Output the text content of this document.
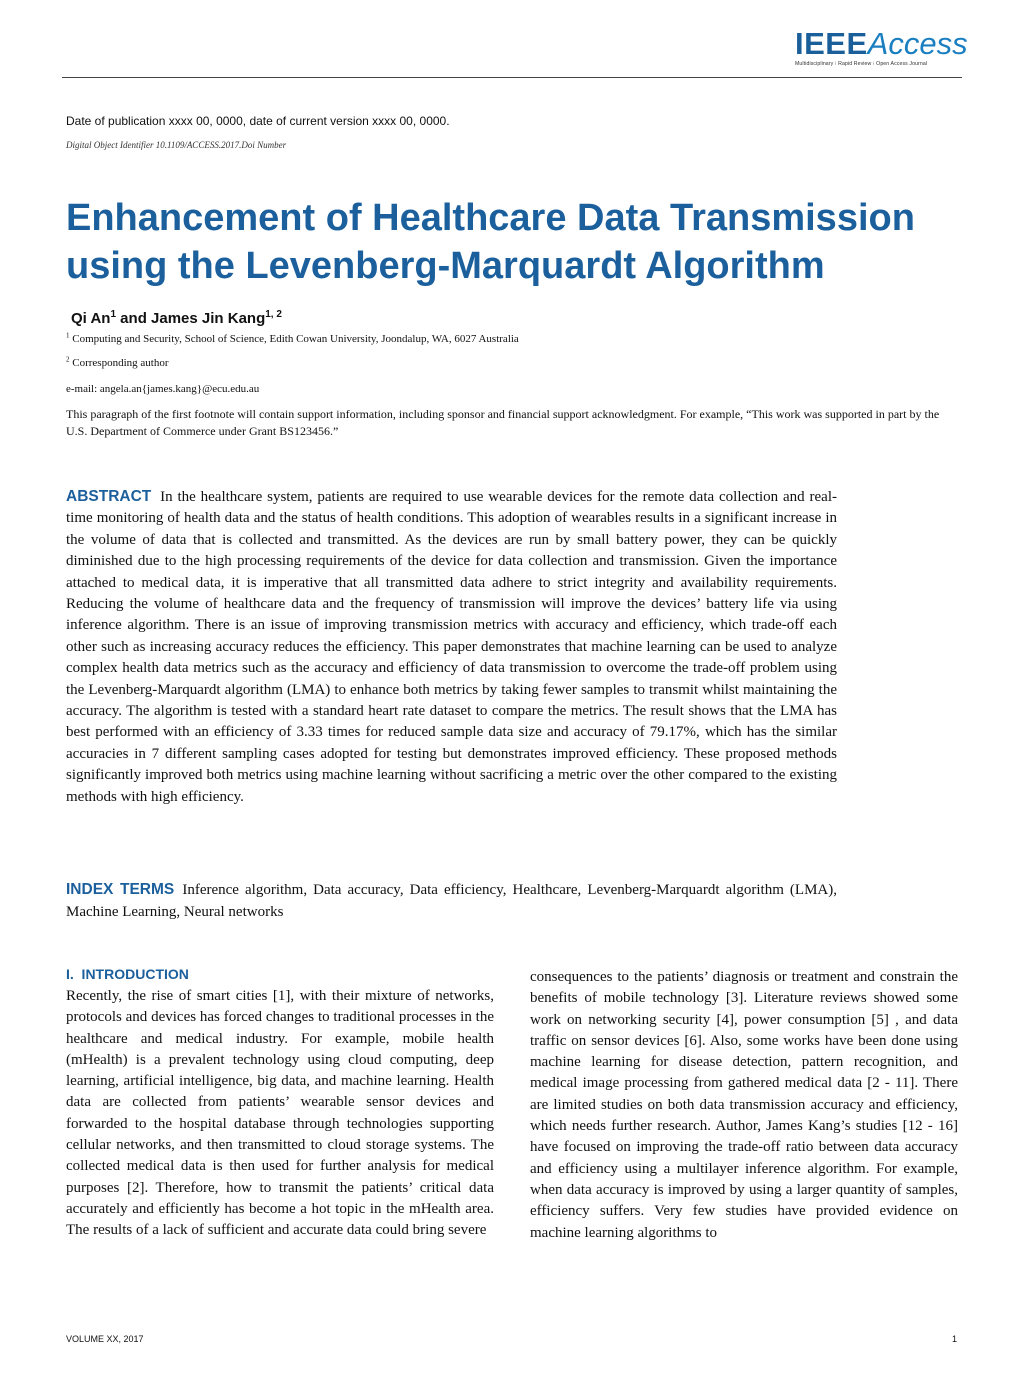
IEEEAccess
Multidisciplinary ⁝ Rapid Review ⁝ Open Access Journal
Date of publication xxxx 00, 0000, date of current version xxxx 00, 0000.
Digital Object Identifier 10.1109/ACCESS.2017.Doi Number
Enhancement of Healthcare Data Transmission
using the Levenberg-Marquardt Algorithm
Qi An$^1$ and James Jin Kang$^{1, 2}$
$^1$ Computing and Security, School of Science, Edith Cowan University, Joondalup, WA, 6027 Australia
$^2$ Corresponding author
e-mail: angela.an{james.kang}@ecu.edu.au
This paragraph of the first footnote will contain support information, including sponsor and financial support acknowledgment. For example, “This work was supported in part by the U.S. Department of Commerce under Grant BS123456.”
ABSTRACT In the healthcare system, patients are required to use wearable devices for the remote data collection and real-time monitoring of health data and the status of health conditions. This adoption of wearables results in a significant increase in the volume of data that is collected and transmitted. As the devices are run by small battery power, they can be quickly diminished due to the high processing requirements of the device for data collection and transmission. Given the importance attached to medical data, it is imperative that all transmitted data adhere to strict integrity and availability requirements. Reducing the volume of healthcare data and the frequency of transmission will improve the devices’ battery life via using inference algorithm. There is an issue of improving transmission metrics with accuracy and efficiency, which trade-off each other such as increasing accuracy reduces the efficiency. This paper demonstrates that machine learning can be used to analyze complex health data metrics such as the accuracy and efficiency of data transmission to overcome the trade-off problem using the Levenberg-Marquardt algorithm (LMA) to enhance both metrics by taking fewer samples to transmit whilst maintaining the accuracy. The algorithm is tested with a standard heart rate dataset to compare the metrics. The result shows that the LMA has best performed with an efficiency of 3.33 times for reduced sample data size and accuracy of 79.17%, which has the similar accuracies in 7 different sampling cases adopted for testing but demonstrates improved efficiency. These proposed methods significantly improved both metrics using machine learning without sacrificing a metric over the other compared to the existing methods with high efficiency.
INDEX TERMS Inference algorithm, Data accuracy, Data efficiency, Healthcare, Levenberg-Marquardt algorithm (LMA), Machine Learning, Neural networks
I.  INTRODUCTION
Recently, the rise of smart cities [1], with their mixture of networks, protocols and devices has forced changes to traditional processes in the healthcare and medical industry. For example, mobile health (mHealth) is a prevalent technology using cloud computing, deep learning, artificial intelligence, big data, and machine learning. Health data are collected from patients’ wearable sensor devices and forwarded to the hospital database through technologies supporting cellular networks, and then transmitted to cloud storage systems. The collected medical data is then used for further analysis for medical purposes [2]. Therefore, how to transmit the patients’ critical data accurately and efficiently has become a hot topic in the mHealth area. The results of a lack of sufficient and accurate data could bring severe
consequences to the patients’ diagnosis or treatment and constrain the benefits of mobile technology [3]. Literature reviews showed some work on networking security [4], power consumption [5] , and data traffic on sensor devices [6]. Also, some works have been done using machine learning for disease detection, pattern recognition, and medical image processing from gathered medical data [2 - 11]. There are limited studies on both data transmission accuracy and efficiency, which needs further research. Author, James Kang’s studies [12 - 16] have focused on improving the trade-off ratio between data accuracy and efficiency using a multilayer inference algorithm. For example, when data accuracy is improved by using a larger quantity of samples, efficiency suffers. Very few studies have provided evidence on machine learning algorithms to
VOLUME XX, 2017	1
